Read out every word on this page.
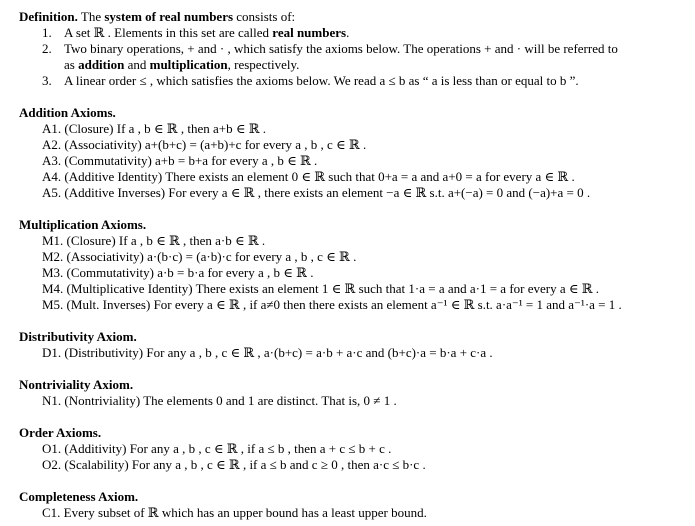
Definition. The system of real numbers consists of:
1. A set ℝ . Elements in this set are called real numbers.
2. Two binary operations, + and · , which satisfy the axioms below. The operations + and · will be referred to
as addition and multiplication, respectively.
3. A linear order ≤ , which satisfies the axioms below. We read a ≤ b as “ a is less than or equal to b ”.
Addition Axioms.
A1. (Closure) If a , b ∈ ℝ , then a+b ∈ ℝ .
A2. (Associativity) a+(b+c) = (a+b)+c for every a , b , c ∈ ℝ .
A3. (Commutativity) a+b = b+a for every a , b ∈ ℝ .
A4. (Additive Identity) There exists an element 0 ∈ ℝ such that 0+a = a and a+0 = a for every a ∈ ℝ .
A5. (Additive Inverses) For every a ∈ ℝ , there exists an element −a ∈ ℝ s.t. a+(−a) = 0 and (−a)+a = 0 .
Multiplication Axioms.
M1. (Closure) If a , b ∈ ℝ , then a·b ∈ ℝ .
M2. (Associativity) a·(b·c) = (a·b)·c for every a , b , c ∈ ℝ .
M3. (Commutativity) a·b = b·a for every a , b ∈ ℝ .
M4. (Multiplicative Identity) There exists an element 1 ∈ ℝ such that 1·a = a and a·1 = a for every a ∈ ℝ .
M5. (Mult. Inverses) For every a ∈ ℝ , if a≠0 then there exists an element a⁻¹ ∈ ℝ s.t. a·a⁻¹ = 1 and a⁻¹·a = 1 .
Distributivity Axiom.
D1. (Distributivity) For any a , b , c ∈ ℝ , a·(b+c) = a·b + a·c and (b+c)·a = b·a + c·a .
Nontriviality Axiom.
N1. (Nontriviality) The elements 0 and 1 are distinct. That is, 0 ≠ 1 .
Order Axioms.
O1. (Additivity) For any a , b , c ∈ ℝ , if a ≤ b , then a + c ≤ b + c .
O2. (Scalability) For any a , b , c ∈ ℝ , if a ≤ b and c ≥ 0 , then a·c ≤ b·c .
Completeness Axiom.
C1. Every subset of ℝ which has an upper bound has a least upper bound.
